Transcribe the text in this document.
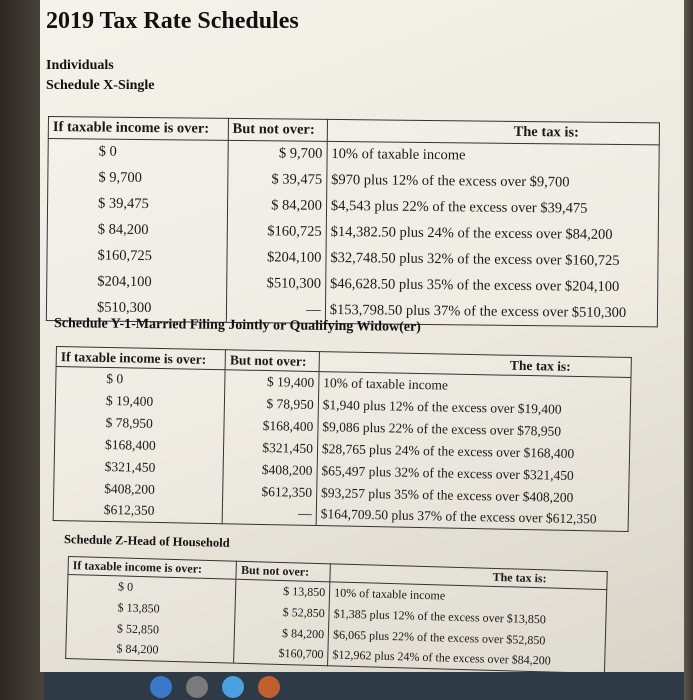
2019 Tax Rate Schedules
Individuals
Schedule X-Single
If taxable income is over:	But not over:	The tax is:
$ 0	$ 9,700	10% of taxable income
$ 9,700	$ 39,475	$970 plus 12% of the excess over $9,700
$ 39,475	$ 84,200	$4,543 plus 22% of the excess over $39,475
$ 84,200	$160,725	$14,382.50 plus 24% of the excess over $84,200
$160,725	$204,100	$32,748.50 plus 32% of the excess over $160,725
$204,100	$510,300	$46,628.50 plus 35% of the excess over $204,100
$510,300	—	$153,798.50 plus 37% of the excess over $510,300
Schedule Y-1-Married Filing Jointly or Qualifying Widow(er)
If taxable income is over:	But not over:	The tax is:
$ 0	$ 19,400	10% of taxable income
$ 19,400	$ 78,950	$1,940 plus 12% of the excess over $19,400
$ 78,950	$168,400	$9,086 plus 22% of the excess over $78,950
$168,400	$321,450	$28,765 plus 24% of the excess over $168,400
$321,450	$408,200	$65,497 plus 32% of the excess over $321,450
$408,200	$612,350	$93,257 plus 35% of the excess over $408,200
$612,350	—	$164,709.50 plus 37% of the excess over $612,350
Schedule Z-Head of Household
If taxable income is over:	But not over:	The tax is:
$ 0	$ 13,850	10% of taxable income
$ 13,850	$ 52,850	$1,385 plus 12% of the excess over $13,850
$ 52,850	$ 84,200	$6,065 plus 22% of the excess over $52,850
$ 84,200	$160,700	$12,962 plus 24% of the excess over $84,200
